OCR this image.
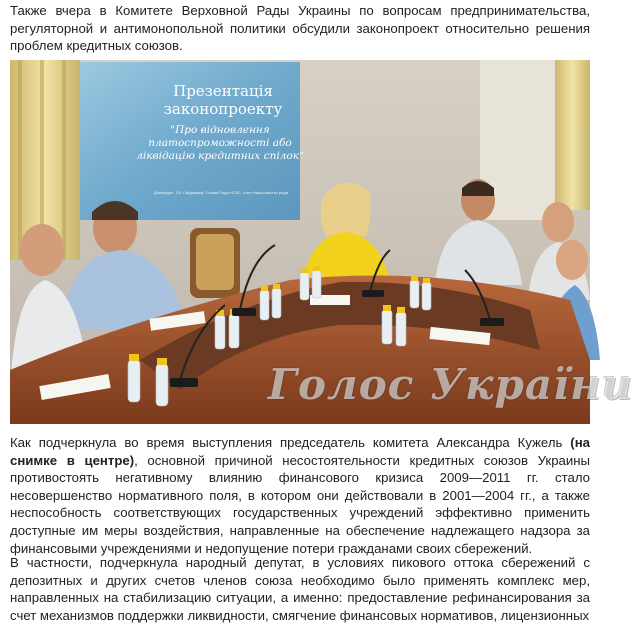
Также вчера в Комитете Верховной Рады Украины по вопросам предпринимательства, регуляторной и антимонопольной политики обсудили законопроект относительно решения проблем кредитных союзов.

Презентація законопроекту
"Про відновлення платоспроможності або ліквідацію кредитних спілок"
Доповідач: Т.В. Гайдамака, Голова Ради НСКС, член Національної ради
Голос України

Как подчеркнула во время выступления председатель комитета Александра Кужель (на снимке в центре), основной причиной несостоятельности кредитных союзов Украины противостоять негативному влиянию финансового кризиса 2009—2011 гг. стало несовершенство нормативного поля, в котором они действовали в 2001—2004 гг., а также неспособность соответствующих государственных учреждений эффективно применить доступные им меры воздействия, направленные на обеспечение надлежащего надзора за финансовыми учреждениями и недопущение потери гражданами своих сбережений.

В частности, подчеркнула народный депутат, в условиях пикового оттока сбережений с депозитных и других счетов членов союза необходимо было применять комплекс мер, направленных на стабилизацию ситуации, а именно: предоставление рефинансирования за счет механизмов поддержки ликвидности, смягчение финансовых нормативов, лицензионных
